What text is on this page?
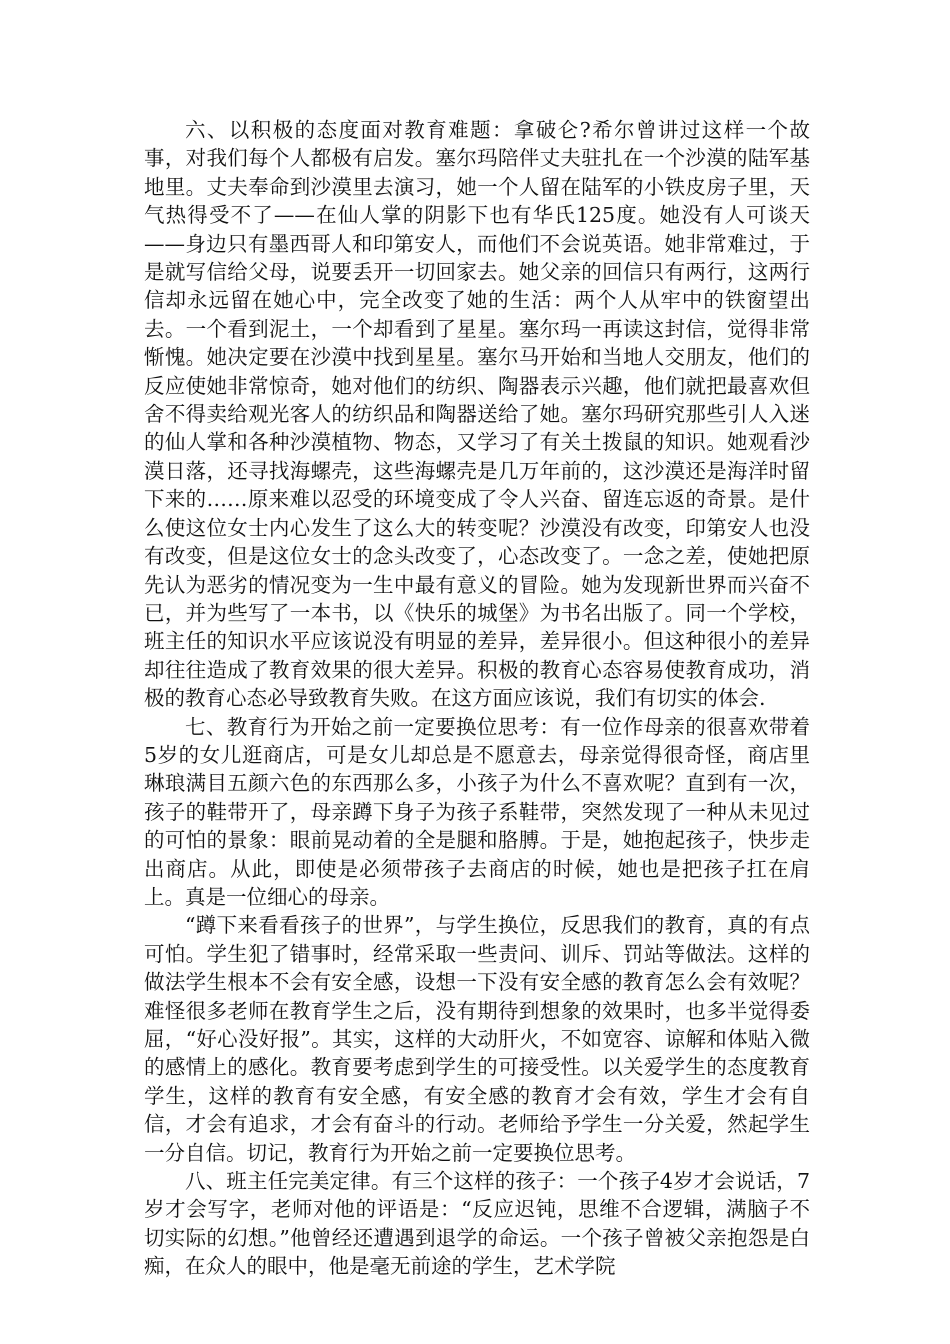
六、以积极的态度面对教育难题：拿破仑?希尔曾讲过这样一个故事，对我们每个人都极有启发。塞尔玛陪伴丈夫驻扎在一个沙漠的陆军基地里。丈夫奉命到沙漠里去演习，她一个人留在陆军的小铁皮房子里，天气热得受不了——在仙人掌的阴影下也有华氏125度。她没有人可谈天——身边只有墨西哥人和印第安人，而他们不会说英语。她非常难过，于是就写信给父母，说要丢开一切回家去。她父亲的回信只有两行，这两行信却永远留在她心中，完全改变了她的生活：两个人从牢中的铁窗望出去。一个看到泥土，一个却看到了星星。塞尔玛一再读这封信，觉得非常惭愧。她决定要在沙漠中找到星星。塞尔马开始和当地人交朋友，他们的反应使她非常惊奇，她对他们的纺织、陶器表示兴趣，他们就把最喜欢但舍不得卖给观光客人的纺织品和陶器送给了她。塞尔玛研究那些引人入迷的仙人掌和各种沙漠植物、物态，又学习了有关土拨鼠的知识。她观看沙漠日落，还寻找海螺壳，这些海螺壳是几万年前的，这沙漠还是海洋时留下来的……原来难以忍受的环境变成了令人兴奋、留连忘返的奇景。是什么使这位女士内心发生了这么大的转变呢？沙漠没有改变，印第安人也没有改变，但是这位女士的念头改变了，心态改变了。一念之差，使她把原先认为恶劣的情况变为一生中最有意义的冒险。她为发现新世界而兴奋不已，并为些写了一本书，以《快乐的城堡》为书名出版了。同一个学校，班主任的知识水平应该说没有明显的差异，差异很小。但这种很小的差异却往往造成了教育效果的很大差异。积极的教育心态容易使教育成功，消极的教育心态必导致教育失败。在这方面应该说，我们有切实的体会.

七、教育行为开始之前一定要换位思考：有一位作母亲的很喜欢带着5岁的女儿逛商店，可是女儿却总是不愿意去，母亲觉得很奇怪，商店里琳琅满目五颜六色的东西那么多，小孩子为什么不喜欢呢？直到有一次，孩子的鞋带开了，母亲蹲下身子为孩子系鞋带，突然发现了一种从未见过的可怕的景象：眼前晃动着的全是腿和胳膊。于是，她抱起孩子，快步走出商店。从此，即使是必须带孩子去商店的时候，她也是把孩子扛在肩上。真是一位细心的母亲。

“蹲下来看看孩子的世界”，与学生换位，反思我们的教育，真的有点可怕。学生犯了错事时，经常采取一些责问、训斥、罚站等做法。这样的做法学生根本不会有安全感，设想一下没有安全感的教育怎么会有效呢？难怪很多老师在教育学生之后，没有期待到想象的效果时，也多半觉得委屈，“好心没好报”。其实，这样的大动肝火，不如宽容、谅解和体贴入微的感情上的感化。教育要考虑到学生的可接受性。以关爱学生的态度教育学生，这样的教育有安全感，有安全感的教育才会有效，学生才会有自信，才会有追求，才会有奋斗的行动。老师给予学生一分关爱，然起学生一分自信。切记，教育行为开始之前一定要换位思考。

八、班主任完美定律。有三个这样的孩子：一个孩子4岁才会说话，7岁才会写字，老师对他的评语是：“反应迟钝，思维不合逻辑，满脑子不切实际的幻想。”他曾经还遭遇到退学的命运。一个孩子曾被父亲抱怨是白痴，在众人的眼中，他是毫无前途的学生，艺术学院
